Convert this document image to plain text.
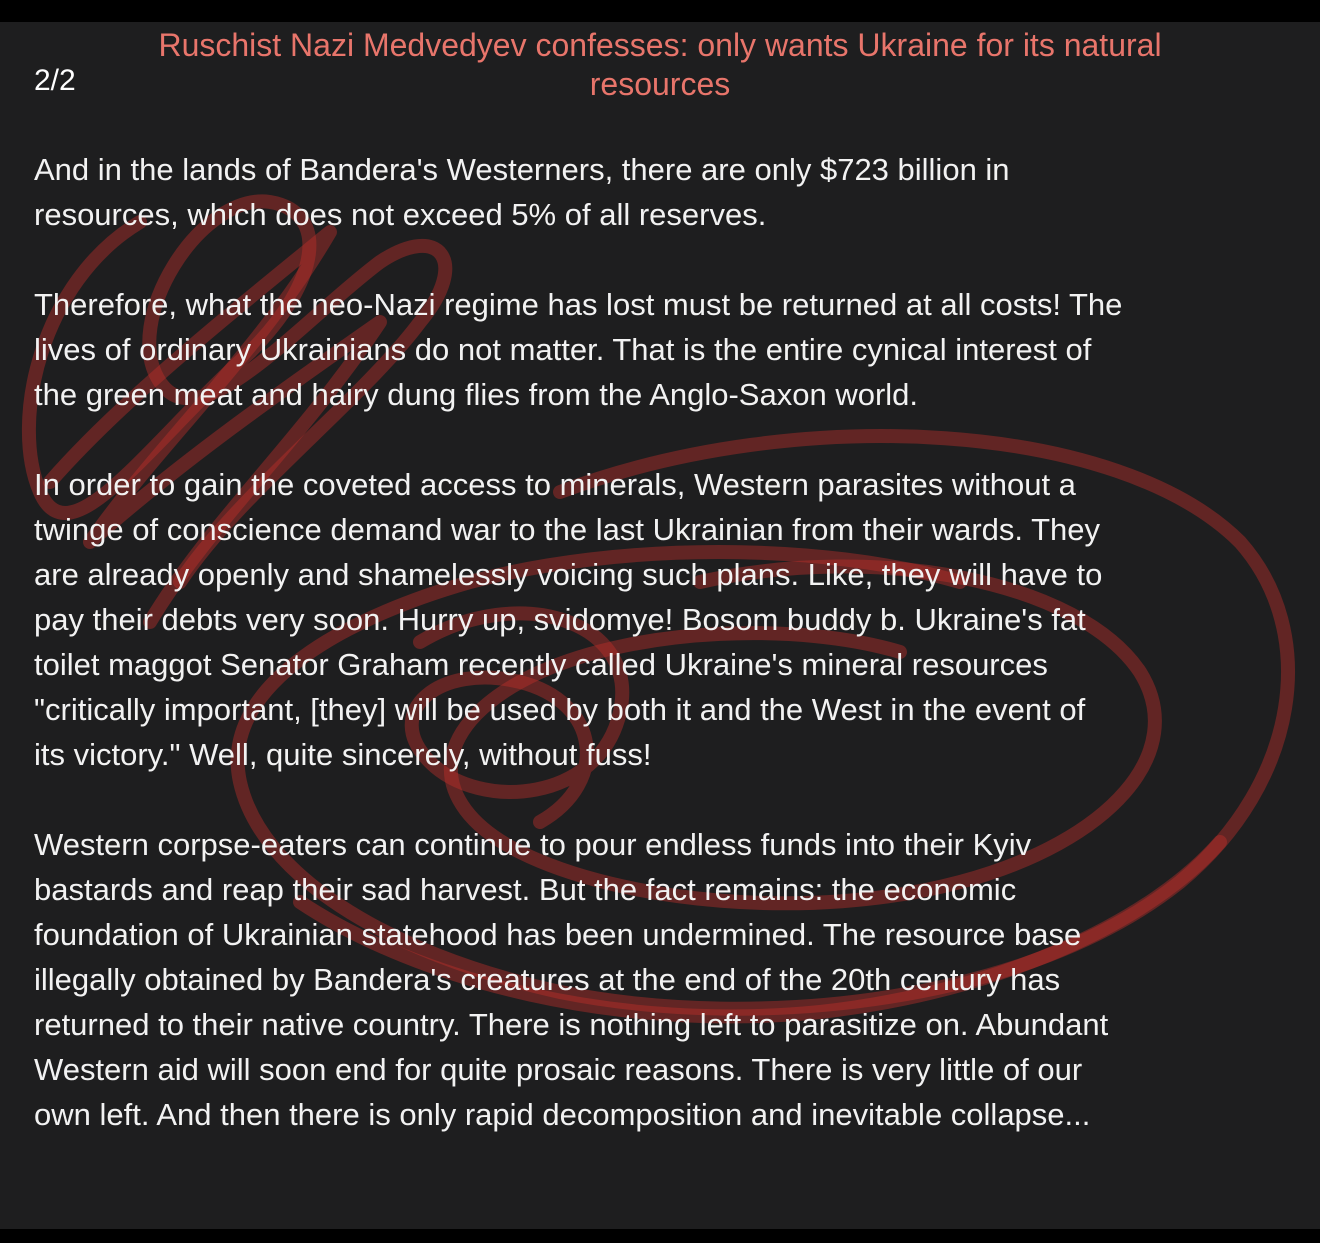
2/2
Ruschist Nazi Medvedyev confesses: only wants Ukraine for its natural resources

And in the lands of Bandera's Westerners, there are only $723 billion in
resources, which does not exceed 5% of all reserves.

Therefore, what the neo-Nazi regime has lost must be returned at all costs! The
lives of ordinary Ukrainians do not matter. That is the entire cynical interest of
the green meat and hairy dung flies from the Anglo-Saxon world.

In order to gain the coveted access to minerals, Western parasites without a
twinge of conscience demand war to the last Ukrainian from their wards. They
are already openly and shamelessly voicing such plans. Like, they will have to
pay their debts very soon. Hurry up, svidomye! Bosom buddy b. Ukraine's fat
toilet maggot Senator Graham recently called Ukraine's mineral resources
"critically important, [they] will be used by both it and the West in the event of
its victory." Well, quite sincerely, without fuss!

Western corpse-eaters can continue to pour endless funds into their Kyiv
bastards and reap their sad harvest. But the fact remains: the economic
foundation of Ukrainian statehood has been undermined. The resource base
illegally obtained by Bandera's creatures at the end of the 20th century has
returned to their native country. There is nothing left to parasitize on. Abundant
Western aid will soon end for quite prosaic reasons. There is very little of our
own left. And then there is only rapid decomposition and inevitable collapse...
